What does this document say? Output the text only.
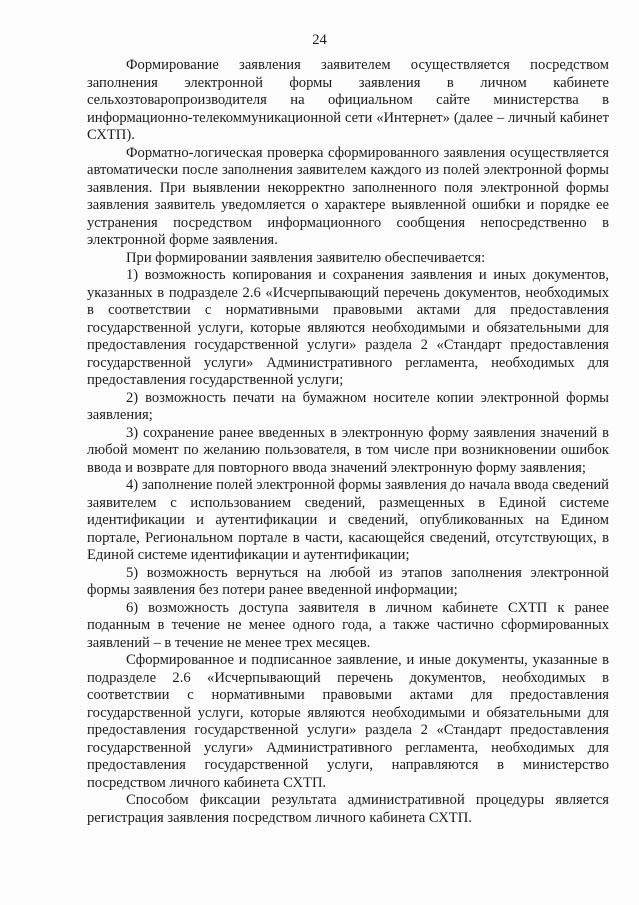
24

Формирование заявления заявителем осуществляется посредством заполнения электронной формы заявления в личном кабинете сельхозтоваропроизводителя на официальном сайте министерства в информационно-телекоммуникационной сети «Интернет» (далее – личный кабинет СХТП).

Форматно-логическая проверка сформированного заявления осуществляется автоматически после заполнения заявителем каждого из полей электронной формы заявления. При выявлении некорректно заполненного поля электронной формы заявления заявитель уведомляется о характере выявленной ошибки и порядке ее устранения посредством информационного сообщения непосредственно в электронной форме заявления.

При формировании заявления заявителю обеспечивается:

1) возможность копирования и сохранения заявления и иных документов, указанных в подразделе 2.6 «Исчерпывающий перечень документов, необходимых в соответствии с нормативными правовыми актами для предоставления государственной услуги, которые являются необходимыми и обязательными для предоставления государственной услуги» раздела 2 «Стандарт предоставления государственной услуги» Административного регламента, необходимых для предоставления государственной услуги;

2) возможность печати на бумажном носителе копии электронной формы заявления;

3) сохранение ранее введенных в электронную форму заявления значений в любой момент по желанию пользователя, в том числе при возникновении ошибок ввода и возврате для повторного ввода значений электронную форму заявления;

4) заполнение полей электронной формы заявления до начала ввода сведений заявителем с использованием сведений, размещенных в Единой системе идентификации и аутентификации и сведений, опубликованных на Едином портале, Региональном портале в части, касающейся сведений, отсутствующих, в Единой системе идентификации и аутентификации;

5) возможность вернуться на любой из этапов заполнения электронной формы заявления без потери ранее введенной информации;

6) возможность доступа заявителя в личном кабинете СХТП к ранее поданным в течение не менее одного года, а также частично сформированных заявлений – в течение не менее трех месяцев.

Сформированное и подписанное заявление, и иные документы, указанные в подразделе 2.6 «Исчерпывающий перечень документов, необходимых в соответствии с нормативными правовыми актами для предоставления государственной услуги, которые являются необходимыми и обязательными для предоставления государственной услуги» раздела 2 «Стандарт предоставления государственной услуги» Административного регламента, необходимых для предоставления государственной услуги, направляются в министерство посредством личного кабинета СХТП.

Способом фиксации результата административной процедуры является регистрация заявления посредством личного кабинета СХТП.
